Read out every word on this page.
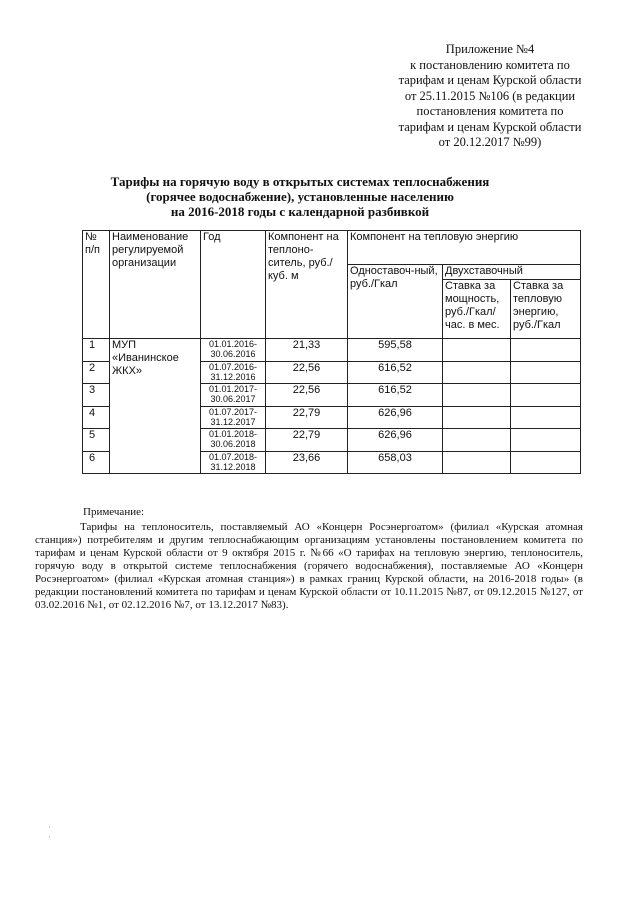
Приложение №4
к постановлению комитета по
тарифам и ценам Курской области
от 25.11.2015 №106 (в редакции
постановления комитета по
тарифам и ценам Курской области
от 20.12.2017 №99)
Тарифы на горячую воду в открытых системах теплоснабжения
(горячее водоснабжение), установленные населению
на 2016-2018 годы с календарной разбивкой
№ п/п	Наименование регулируемой организации	Год	Компонент на теплоно-ситель, руб./куб. м	Компонент на тепловую энергию		
				Одноставоч-ный, руб./Гкал	Двухставочный	
					Ставка за мощность, руб./Гкал/час. в мес.	Ставка за тепловую энергию, руб./Гкал
1	МУП «Иванинское ЖКХ»	01.01.2016-30.06.2016	21,33	595,58		
2		01.07.2016-31.12.2016	22,56	616,52		
3		01.01.2017-30.06.2017	22,56	616,52		
4		01.07.2017-31.12.2017	22,79	626,96		
5		01.01.2018-30.06.2018	22,79	626,96		
6		01.07.2018-31.12.2018	23,66	658,03		
Примечание:
Тарифы на теплоноситель, поставляемый АО «Концерн Росэнергоатом» (филиал «Курская атомная станция») потребителям и другим теплоснабжающим организациям установлены постановлением комитета по тарифам и ценам Курской области от 9 октября 2015 г. №66 «О тарифах на тепловую энергию, теплоноситель, горячую воду в открытой системе теплоснабжения (горячего водоснабжения), поставляемые АО «Концерн Росэнергоатом» (филиал «Курская атомная станция») в рамках границ Курской области, на 2016-2018 годы» (в редакции постановлений комитета по тарифам и ценам Курской области от 10.11.2015 №87, от 09.12.2015 №127, от 03.02.2016 №1, от 02.12.2016 №7, от 13.12.2017 №83).
·
·
